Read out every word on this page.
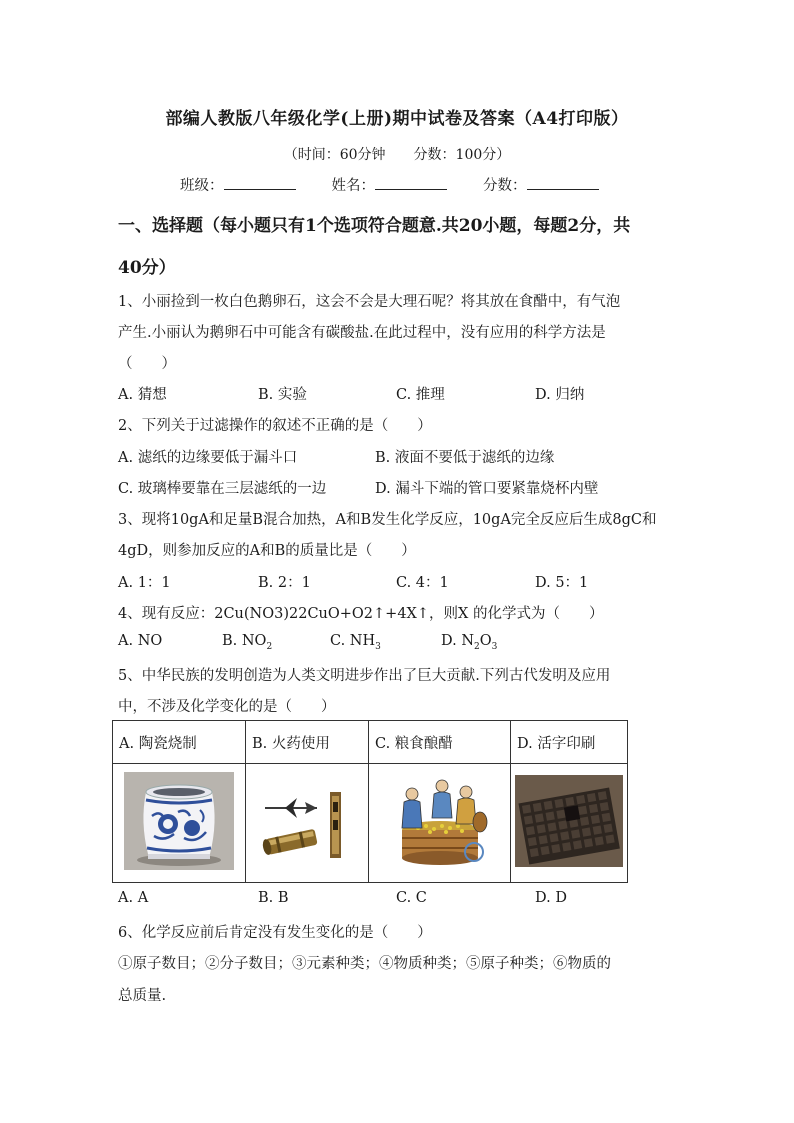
部编人教版八年级化学(上册)期中试卷及答案（A4打印版）
（时间：60分钟　　分数：100分）
班级：	姓名：	分数：
一、选择题（每小题只有1个选项符合题意.共20小题，每题2分，共
40分）
1、小丽捡到一枚白色鹅卵石，这会不会是大理石呢？将其放在食醋中，有气泡
产生.小丽认为鹅卵石中可能含有碳酸盐.在此过程中，没有应用的科学方法是
（　　）
A. 猜想	B. 实验	C. 推理	D. 归纳
2、下列关于过滤操作的叙述不正确的是（　　）
A. 滤纸的边缘要低于漏斗口	B. 液面不要低于滤纸的边缘
C. 玻璃棒要靠在三层滤纸的一边	D. 漏斗下端的管口要紧靠烧杯内壁
3、现将10gA和足量B混合加热，A和B发生化学反应，10gA完全反应后生成8gC和
4gD，则参加反应的A和B的质量比是（　　）
A. 1：1	B. 2：1	C. 4：1	D. 5：1
4、现有反应：2Cu(NO3)22CuO+O2↑+4X↑，则X 的化学式为（　　）
A. NO	B. $NO_2$	C. $NH_3$	D. $N_2O_3$
5、中华民族的发明创造为人类文明进步作出了巨大贡献.下列古代发明及应用
中，不涉及化学变化的是（　　）
A. 陶瓷烧制	B. 火药使用	C. 粮食酿醋	D. 活字印刷

A. A	B. B	C. C	D. D
6、化学反应前后肯定没有发生变化的是（　　）
①原子数目；②分子数目；③元素种类；④物质种类；⑤原子种类；⑥物质的
总质量.
